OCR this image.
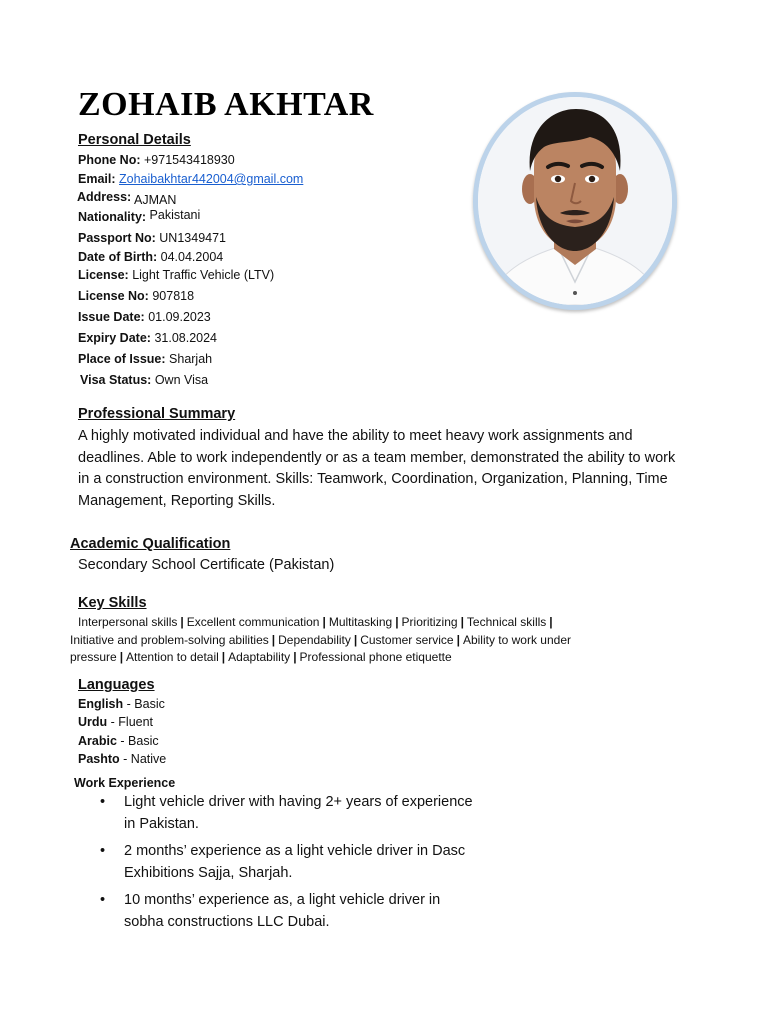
ZOHAIB AKHTAR
Personal Details
Phone No: +971543418930
Email: Zohaibakhtar442004@gmail.com
Address: AJMAN
Nationality: Pakistani
Passport No: UN1349471
Date of Birth: 04.04.2004
License: Light Traffic Vehicle (LTV)
License No: 907818
Issue Date: 01.09.2023
Expiry Date: 31.08.2024
Place of Issue: Sharjah
Visa Status: Own Visa
Professional Summary

A highly motivated individual and have the ability to meet heavy work assignments and deadlines. Able to work independently or as a team member, demonstrated the ability to work in a construction environment. Skills: Teamwork, Coordination, Organization, Planning, Time Management, Reporting Skills.

Academic Qualification
Secondary School Certificate (Pakistan)
Key Skills

Interpersonal skills | Excellent communication | Multitasking | Prioritizing | Technical skills |
Initiative and problem-solving abilities | Dependability | Customer service | Ability to work under pressure | Attention to detail | Adaptability | Professional phone etiquette

Languages
English - Basic
Urdu - Fluent
Arabic - Basic
Pashto - Native
Work Experience
• Light vehicle driver with having 2+ years of experience in Pakistan.
• 2 months’ experience as a light vehicle driver in Dasc Exhibitions Sajja, Sharjah.
• 10 months’ experience as, a light vehicle driver in sobha constructions LLC Dubai.
